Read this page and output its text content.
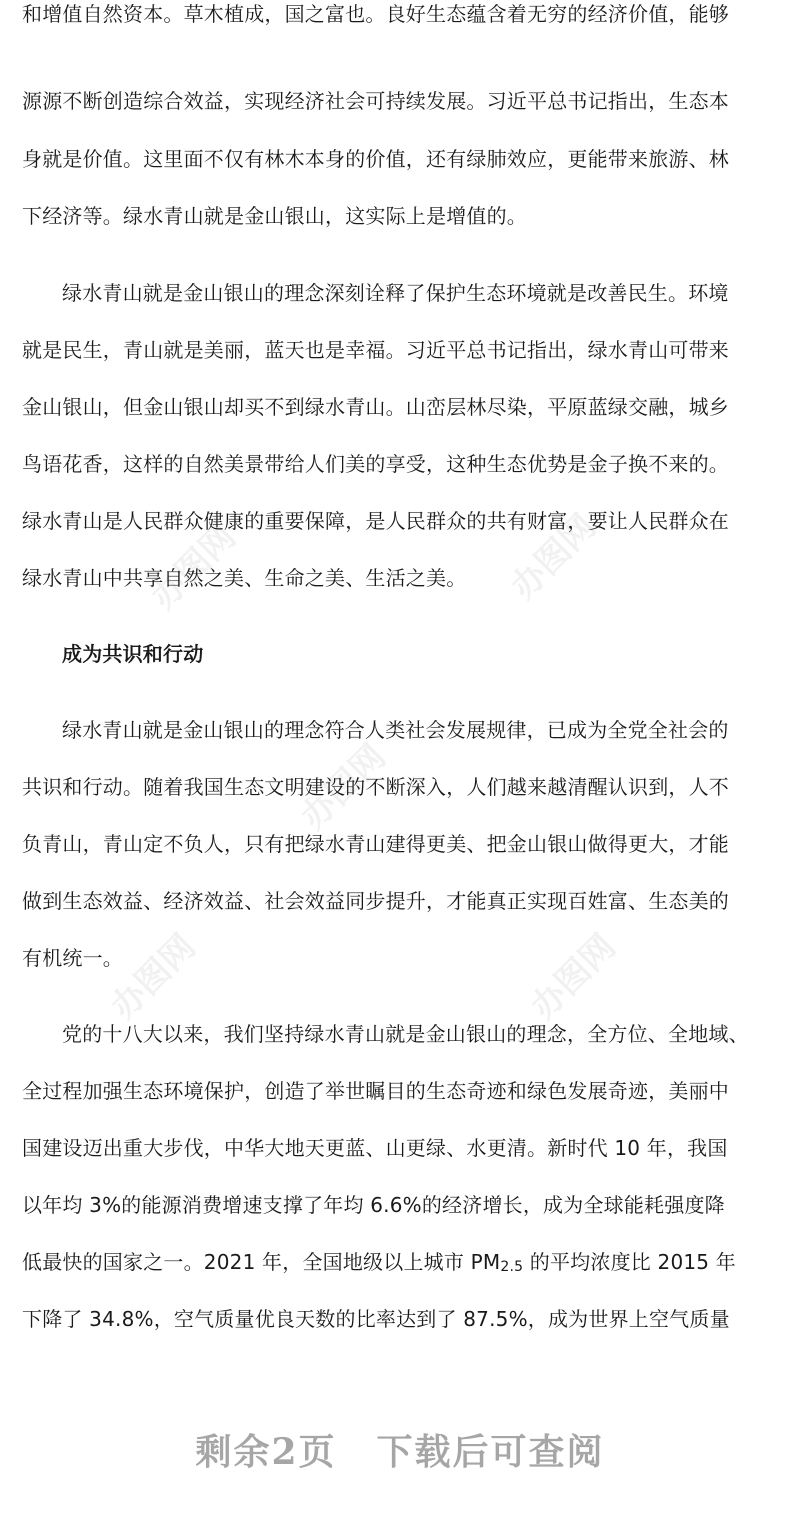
办图网	办图网
办图网
办图网	办图网
和增值自然资本。草木植成，国之富也。良好生态蕴含着无穷的经济价值，能够
源源不断创造综合效益，实现经济社会可持续发展。习近平总书记指出，生态本
身就是价值。这里面不仅有林木本身的价值，还有绿肺效应，更能带来旅游、林
下经济等。绿水青山就是金山银山，这实际上是增值的。
绿水青山就是金山银山的理念深刻诠释了保护生态环境就是改善民生。环境
就是民生，青山就是美丽，蓝天也是幸福。习近平总书记指出，绿水青山可带来
金山银山，但金山银山却买不到绿水青山。山峦层林尽染，平原蓝绿交融，城乡
鸟语花香，这样的自然美景带给人们美的享受，这种生态优势是金子换不来的。
绿水青山是人民群众健康的重要保障，是人民群众的共有财富，要让人民群众在
绿水青山中共享自然之美、生命之美、生活之美。
成为共识和行动
绿水青山就是金山银山的理念符合人类社会发展规律，已成为全党全社会的
共识和行动。随着我国生态文明建设的不断深入，人们越来越清醒认识到，人不
负青山，青山定不负人，只有把绿水青山建得更美、把金山银山做得更大，才能
做到生态效益、经济效益、社会效益同步提升，才能真正实现百姓富、生态美的
有机统一。
党的十八大以来，我们坚持绿水青山就是金山银山的理念，全方位、全地域、
全过程加强生态环境保护，创造了举世瞩目的生态奇迹和绿色发展奇迹，美丽中
国建设迈出重大步伐，中华大地天更蓝、山更绿、水更清。新时代 10 年，我国
以年均 3%的能源消费增速支撑了年均 6.6%的经济增长，成为全球能耗强度降
低最快的国家之一。2021 年，全国地级以上城市 $PM_{2.5}$ 的平均浓度比 2015 年
下降了 34.8%，空气质量优良天数的比率达到了 87.5%，成为世界上空气质量
剩余2页 下载后可查阅
